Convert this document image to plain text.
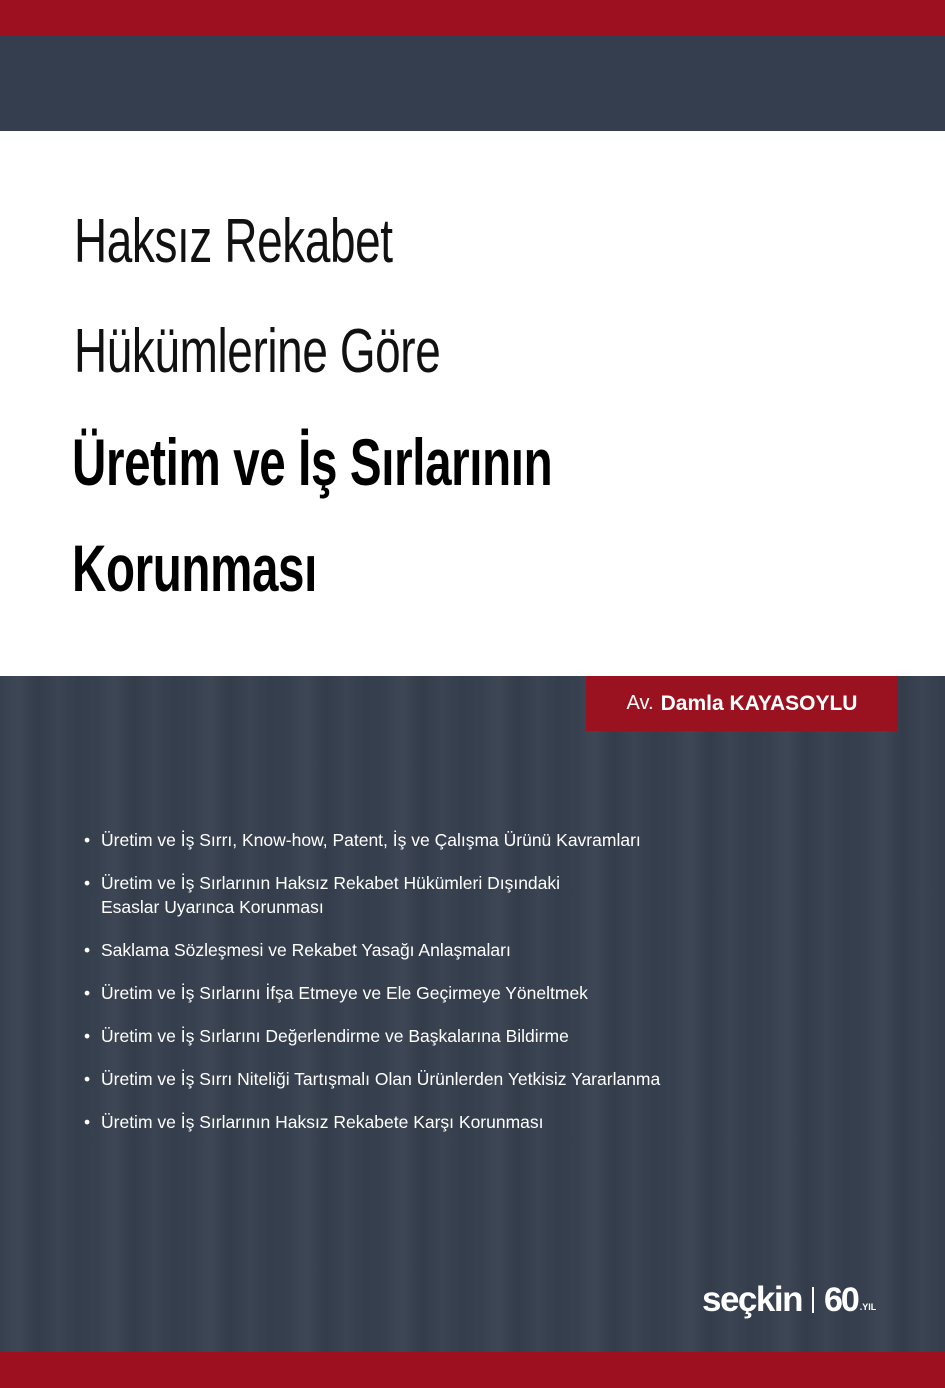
Haksız Rekabet
Hükümlerine Göre
Üretim ve İş Sırlarının
Korunması
Av. Damla KAYASOYLU
• Üretim ve İş Sırrı, Know-how, Patent, İş ve Çalışma Ürünü Kavramları
• Üretim ve İş Sırlarının Haksız Rekabet Hükümleri Dışındaki
Esaslar Uyarınca Korunması
• Saklama Sözleşmesi ve Rekabet Yasağı Anlaşmaları
• Üretim ve İş Sırlarını İfşa Etmeye ve Ele Geçirmeye Yöneltmek
• Üretim ve İş Sırlarını Değerlendirme ve Başkalarına Bildirme
• Üretim ve İş Sırrı Niteliği Tartışmalı Olan Ürünlerden Yetkisiz Yararlanma
• Üretim ve İş Sırlarının Haksız Rekabete Karşı Korunması
seçkin 60 .YIL
